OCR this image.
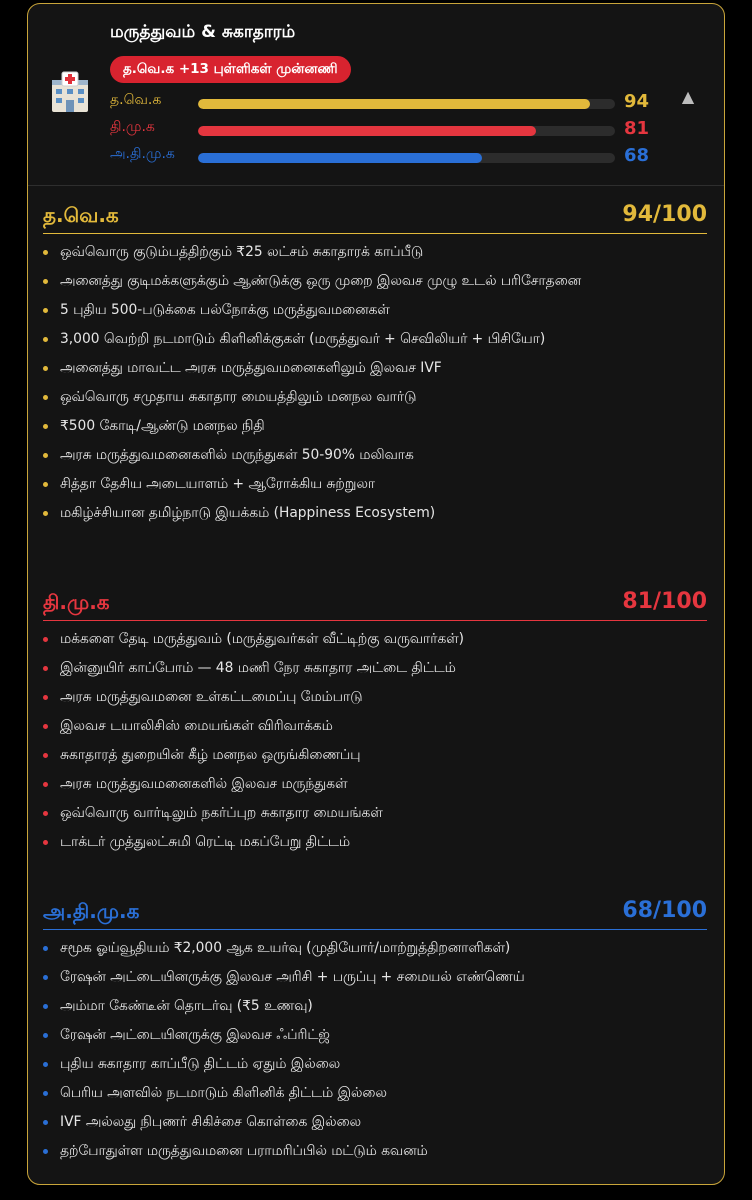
மருத்துவம் & சுகாதாரம்
த.வெ.க +13 புள்ளிகள் முன்னணி
த.வெ.க	94
தி.மு.க	81
அ.தி.மு.க	68
▲
த.வெ.க	94/100
ஒவ்வொரு குடும்பத்திற்கும் ₹25 லட்சம் சுகாதாரக் காப்பீடு
அனைத்து குடிமக்களுக்கும் ஆண்டுக்கு ஒரு முறை இலவச முழு உடல் பரிசோதனை
5 புதிய 500-படுக்கை பல்நோக்கு மருத்துவமனைகள்
3,000 வெற்றி நடமாடும் கிளினிக்குகள் (மருத்துவர் + செவிலியர் + பிசியோ)
அனைத்து மாவட்ட அரசு மருத்துவமனைகளிலும் இலவச IVF
ஒவ்வொரு சமுதாய சுகாதார மையத்திலும் மனநல வார்டு
₹500 கோடி/ஆண்டு மனநல நிதி
அரசு மருத்துவமனைகளில் மருந்துகள் 50-90% மலிவாக
சித்தா தேசிய அடையாளம் + ஆரோக்கிய சுற்றுலா
மகிழ்ச்சியான தமிழ்நாடு இயக்கம் (Happiness Ecosystem)
தி.மு.க	81/100
மக்களை தேடி மருத்துவம் (மருத்துவர்கள் வீட்டிற்கு வருவார்கள்)
இன்னுயிர் காப்போம் — 48 மணி நேர சுகாதார அட்டை திட்டம்
அரசு மருத்துவமனை உள்கட்டமைப்பு மேம்பாடு
இலவச டயாலிசிஸ் மையங்கள் விரிவாக்கம்
சுகாதாரத் துறையின் கீழ் மனநல ஒருங்கிணைப்பு
அரசு மருத்துவமனைகளில் இலவச மருந்துகள்
ஒவ்வொரு வார்டிலும் நகர்ப்புற சுகாதார மையங்கள்
டாக்டர் முத்துலட்சுமி ரெட்டி மகப்பேறு திட்டம்
அ.தி.மு.க	68/100
சமூக ஓய்வூதியம் ₹2,000 ஆக உயர்வு (முதியோர்/மாற்றுத்திறனாளிகள்)
ரேஷன் அட்டையினருக்கு இலவச அரிசி + பருப்பு + சமையல் எண்ணெய்
அம்மா கேண்டீன் தொடர்வு (₹5 உணவு)
ரேஷன் அட்டையினருக்கு இலவச ஃப்ரிட்ஜ்
புதிய சுகாதார காப்பீடு திட்டம் ஏதும் இல்லை
பெரிய அளவில் நடமாடும் கிளினிக் திட்டம் இல்லை
IVF அல்லது நிபுணர் சிகிச்சை கொள்கை இல்லை
தற்போதுள்ள மருத்துவமனை பராமரிப்பில் மட்டும் கவனம்
